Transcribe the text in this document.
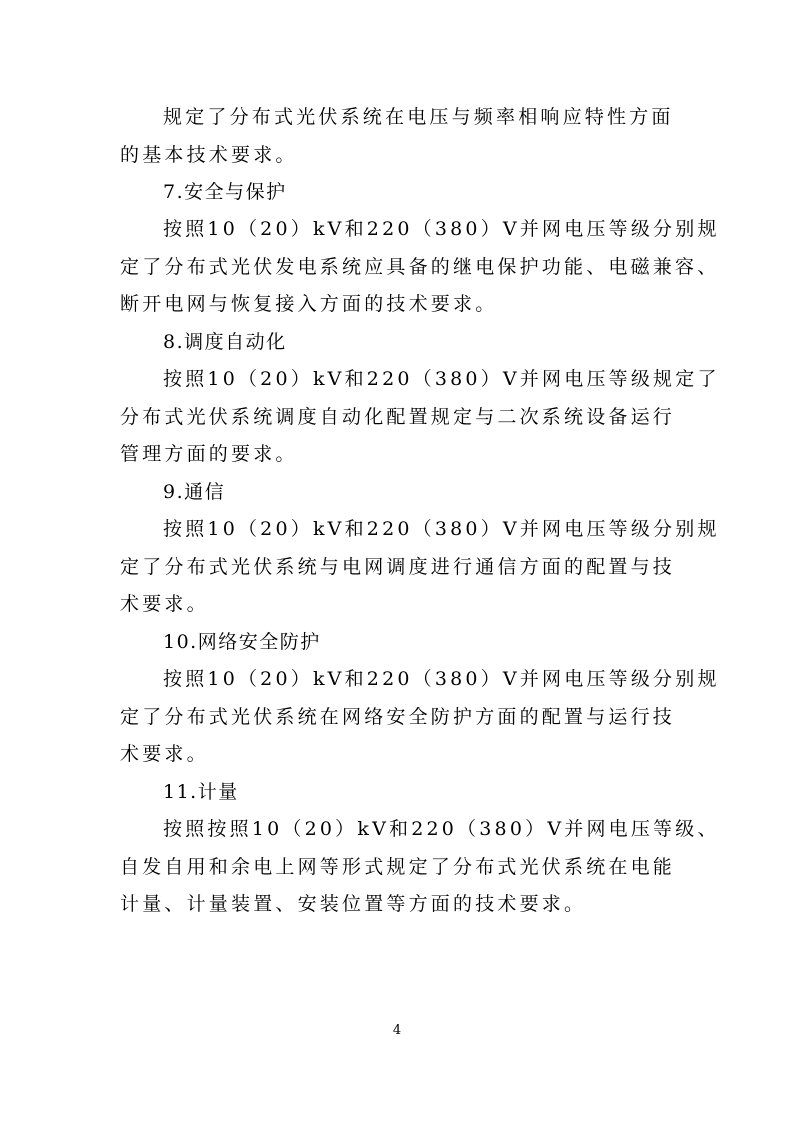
规定了分布式光伏系统在电压与频率相响应特性方面
的基本技术要求。
7.安全与保护
按照10（20）kV和220（380）V并网电压等级分别规
定了分布式光伏发电系统应具备的继电保护功能、电磁兼容、
断开电网与恢复接入方面的技术要求。
8.调度自动化
按照10（20）kV和220（380）V并网电压等级规定了
分布式光伏系统调度自动化配置规定与二次系统设备运行
管理方面的要求。
9.通信
按照10（20）kV和220（380）V并网电压等级分别规
定了分布式光伏系统与电网调度进行通信方面的配置与技
术要求。
10.网络安全防护
按照10（20）kV和220（380）V并网电压等级分别规
定了分布式光伏系统在网络安全防护方面的配置与运行技
术要求。
11.计量
按照按照10（20）kV和220（380）V并网电压等级、
自发自用和余电上网等形式规定了分布式光伏系统在电能
计量、计量装置、安装位置等方面的技术要求。
4
